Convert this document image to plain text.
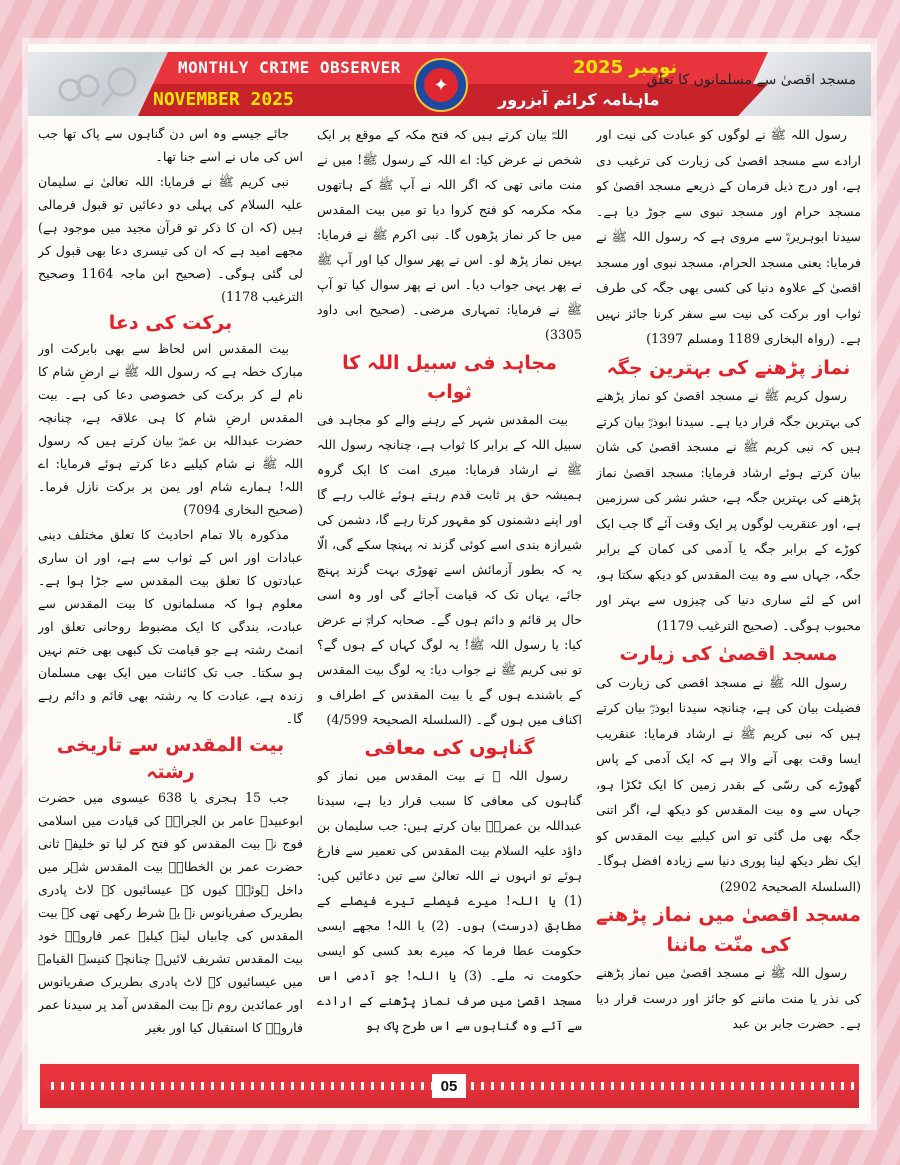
MONTHLY CRIME OBSERVER
NOVEMBER 2025
✦
نومبر 2025
ماہنامہ کرائم آبزرور
مسجد اقصیٰ سے مسلمانوں کا تعلق

رسول اللہ ﷺ نے لوگوں کو عبادت کی نیت اور ارادے سے مسجد اقصیٰ کی زیارت کی ترغیب دی ہے، اور درج ذیل فرمان کے ذریعے مسجد اقصیٰ کو مسجد حرام اور مسجد نبوی سے جوڑ دیا ہے۔ سیدنا ابوہریرہؓ سے مروی ہے کہ رسول اللہ ﷺ نے فرمایا: یعنی مسجد الحرام، مسجد نبوی اور مسجد اقصیٰ کے علاوہ دنیا کی کسی بھی جگہ کی طرف ثواب اور برکت کی نیت سے سفر کرنا جائز نہیں ہے۔ (رواہ البخاری 1189 ومسلم 1397)

نماز پڑھنے کی بہترین جگہ

رسول کریم ﷺ نے مسجد اقصیٰ کو نماز پڑھنے کی بہترین جگہ قرار دیا ہے۔ سیدنا ابوذرؓ بیان کرتے ہیں کہ نبی کریم ﷺ نے مسجد اقصیٰ کی شان بیان کرتے ہوئے ارشاد فرمایا: مسجد اقصیٰ نماز پڑھنے کی بہترین جگہ ہے، حشر نشر کی سرزمین ہے، اور عنقریب لوگوں پر ایک وقت آئے گا جب ایک کوڑے کے برابر جگہ یا آدمی کی کمان کے برابر جگہ، جہاں سے وہ بیت المقدس کو دیکھ سکتا ہو، اس کے لئے ساری دنیا کی چیزوں سے بہتر اور محبوب ہوگی۔ (صحیح الترغیب 1179)

مسجد اقصیٰ کی زیارت

رسول اللہ ﷺ نے مسجد اقصی کی زیارت کی فضیلت بیان کی ہے، چنانچہ سیدنا ابوذرؓ بیان کرتے ہیں کہ نبی کریم ﷺ نے ارشاد فرمایا: عنقریب ایسا وقت بھی آنے والا ہے کہ ایک آدمی کے پاس گھوڑے کی رسّی کے بقدر زمین کا ایک ٹکڑا ہو، جہاں سے وہ بیت المقدس کو دیکھ لے، اگر اتنی جگہ بھی مل گئی تو اس کیلیے بیت المقدس کو ایک نظر دیکھ لینا پوری دنیا سے زیادہ افضل ہوگا۔ (السلسلۃ الصحیحۃ 2902)

مسجد اقصیٰ میں نماز پڑھنے کی منّت ماننا

رسول اللہ ﷺ نے مسجد اقصیٰ میں نماز پڑھنے کی نذر یا منت ماننے کو جائز اور درست قرار دیا ہے۔ حضرت جابر بن عبد

اللہؓ بیان کرتے ہیں کہ فتح مکہ کے موقع پر ایک شخص نے عرض کیا: اے اللہ کے رسول ﷺ! میں نے منت مانی تھی کہ اگر اللہ نے آپ ﷺ کے ہاتھوں مکہ مکرمہ کو فتح کروا دیا تو میں بیت المقدس میں جا کر نماز پڑھوں گا۔ نبی اکرم ﷺ نے فرمایا: یہیں نماز پڑھ لو۔ اس نے پھر سوال کیا اور آپ ﷺ نے پھر یہی جواب دیا۔ اس نے پھر سوال کیا تو آپ ﷺ نے فرمایا: تمہاری مرضی۔ (صحیح ابی داود 3305)

مجاہد فی سبیل اللہ کا ثواب

بیت المقدس شہر کے رہنے والے کو مجاہد فی سبیل اللہ کے برابر کا ثواب ہے، چنانچہ رسول اللہ ﷺ نے ارشاد فرمایا: میری امت کا ایک گروہ ہمیشہ حق پر ثابت قدم رہتے ہوئے غالب رہے گا اور اپنے دشمنوں کو مقہور کرتا رہے گا، دشمن کی شیرازہ بندی اسے کوئی گزند نہ پہنچا سکے گی، الّا یہ کہ بطور آزمائش اسے تھوڑی بہت گزند پہنچ جائے، یہاں تک کہ قیامت آجائے گی اور وہ اسی حال پر قائم و دائم ہوں گے۔ صحابہ کرامؓ نے عرض کیا: یا رسول اللہ ﷺ! یہ لوگ کہاں کے ہوں گے؟ تو نبی کریم ﷺ نے جواب دیا: یہ لوگ بیت المقدس کے باشندے ہوں گے یا بیت المقدس کے اطراف و اکناف میں ہوں گے۔ (السلسلۃ الصحیحۃ 4/599)

گناہوں کی معافی

رسول اللہ ﷺ نے بیت المقدس میں نماز کو گناہوں کی معافی کا سبب قرار دیا ہے، سیدنا عبداللہ بن عمروؓ بیان کرتے ہیں: جب سلیمان بن داؤد علیہ السلام بیت المقدس کی تعمیر سے فارغ ہوئے تو انہوں نے اللہ تعالیٰ سے تین دعائیں کیں: (1) یا اللہ! میرے فیصلے تیرے فیصلے کے مطابق (درست) ہوں۔ (2) یا اللہ! مجھے ایسی حکومت عطا فرما کہ میرے بعد کسی کو ایسی حکومت نہ ملے۔ (3) یا اللہ! جو آدمی اس مسجد اقصیٰ میں صرف نماز پڑھنے کے ارادے سے آئے وہ گناہوں سے اس طرح پاک ہو

جائے جیسے وہ اس دن گناہوں سے پاک تھا جب اس کی ماں نے اسے جنا تھا۔

نبی کریم ﷺ نے فرمایا: اللہ تعالیٰ نے سلیمان علیہ السلام کی پہلی دو دعائیں تو قبول فرمالی ہیں (کہ ان کا ذکر تو قرآن مجید میں موجود ہے) مجھے امید ہے کہ ان کی تیسری دعا بھی قبول کر لی گئی ہوگی۔ (صحیح ابن ماجہ 1164 وصحیح الترغیب 1178)

برکت کی دعا

بیت المقدس اس لحاظ سے بھی بابرکت اور مبارک خطہ ہے کہ رسول اللہ ﷺ نے ارضِ شام کا نام لے کر برکت کی خصوصی دعا کی ہے۔ بیت المقدس ارضِ شام کا ہی علاقہ ہے، چنانچہ حضرت عبداللہ بن عمرؓ بیان کرتے ہیں کہ رسول اللہ ﷺ نے شام کیلیے دعا کرتے ہوئے فرمایا: اے اللہ! ہمارے شام اور یمن پر برکت نازل فرما۔ (صحیح البخاری 7094)

مذکورہ بالا تمام احادیث کا تعلق مختلف دینی عبادات اور اس کے ثواب سے ہے، اور ان ساری عبادتوں کا تعلق بیت المقدس سے جڑا ہوا ہے۔ معلوم ہوا کہ مسلمانوں کا بیت المقدس سے عبادت، بندگی کا ایک مضبوط روحانی تعلق اور انمٹ رشتہ ہے جو قیامت تک کبھی بھی ختم نہیں ہو سکتا۔ جب تک کائنات میں ایک بھی مسلمان زندہ ہے، عبادت کا یہ رشتہ بھی قائم و دائم رہے گا۔

بیت المقدس سے تاریخی رشتہ

جب 15 ہجری یا 638 عیسوی میں حضرت ابوعبیدہ عامر بن الجراحؓ کی قیادت میں اسلامی فوج نے بیت المقدس کو فتح کر لیا تو خلیفہ ثانی حضرت عمر بن الخطابؓ بیت المقدس شہر میں داخل ہوئے۔ کیوں کہ عیسائیوں کے لاٹ پادری بطریرک صفریانوس نے یہ شرط رکھی تھی کہ بیت المقدس کی چابیاں لینے کیلیے عمر فاروقؓ خود بیت المقدس تشریف لائیں۔ چنانچہ کنیسۃ القیامہ میں عیسائیوں کے لاٹ پادری بطریرک صفریانوس اور عمائدین روم نے بیت المقدس آمد پر سیدنا عمر فاروقؓ کا استقبال کیا اور بغیر

05
